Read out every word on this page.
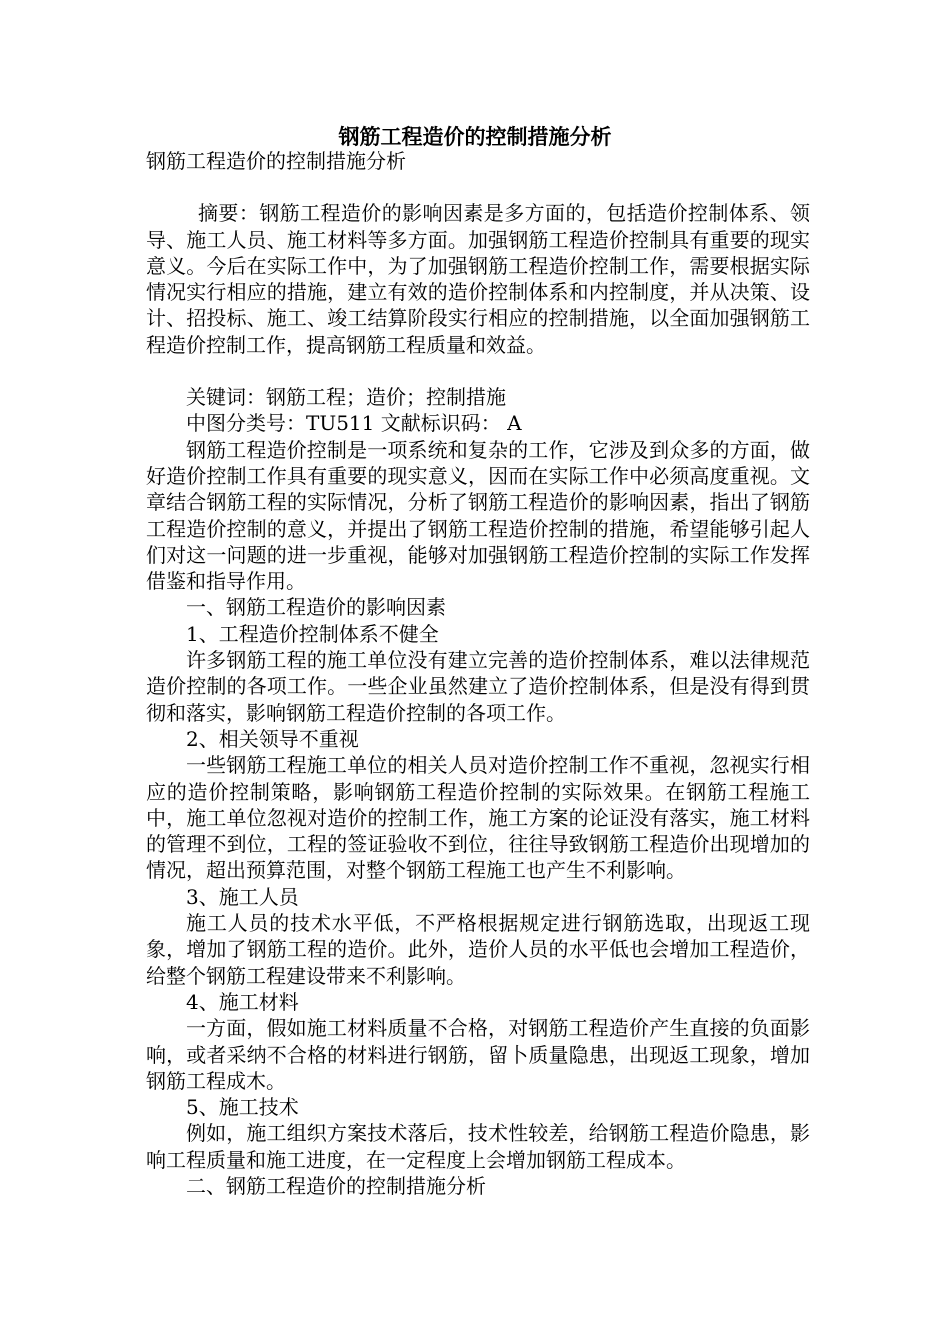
钢筋工程造价的控制措施分析

钢筋工程造价的控制措施分析

摘要：钢筋工程造价的影响因素是多方面的，包括造价控制体系、领导、施工人员、施工材料等多方面。加强钢筋工程造价控制具有重要的现实意义。今后在实际工作中，为了加强钢筋工程造价控制工作，需要根据实际情况实行相应的措施，建立有效的造价控制体系和内控制度，并从决策、设计、招投标、施工、竣工结算阶段实行相应的控制措施，以全面加强钢筋工程造价控制工作，提高钢筋工程质量和效益。

关键词：钢筋工程；造价；控制措施

中图分类号：TU511 文献标识码： A

钢筋工程造价控制是一项系统和复杂的工作，它涉及到众多的方面，做好造价控制工作具有重要的现实意义，因而在实际工作中必须高度重视。文章结合钢筋工程的实际情况，分析了钢筋工程造价的影响因素，指出了钢筋工程造价控制的意义，并提出了钢筋工程造价控制的措施，希望能够引起人们对这一问题的进一步重视，能够对加强钢筋工程造价控制的实际工作发挥借鉴和指导作用。

一、钢筋工程造价的影响因素

1、工程造价控制体系不健全

许多钢筋工程的施工单位没有建立完善的造价控制体系，难以法律规范造价控制的各项工作。一些企业虽然建立了造价控制体系，但是没有得到贯彻和落实，影响钢筋工程造价控制的各项工作。

2、相关领导不重视

一些钢筋工程施工单位的相关人员对造价控制工作不重视，忽视实行相应的造价控制策略，影响钢筋工程造价控制的实际效果。在钢筋工程施工中，施工单位忽视对造价的控制工作，施工方案的论证没有落实，施工材料的管理不到位，工程的签证验收不到位，往往导致钢筋工程造价出现增加的情况，超出预算范围，对整个钢筋工程施工也产生不利影响。

3、施工人员

施工人员的技术水平低，不严格根据规定进行钢筋选取，出现返工现象，增加了钢筋工程的造价。此外，造价人员的水平低也会增加工程造价，给整个钢筋工程建设带来不利影响。

4、施工材料

一方面，假如施工材料质量不合格，对钢筋工程造价产生直接的负面影响，或者采纳不合格的材料进行钢筋，留卜质量隐患，出现返工现象，增加钢筋工程成木。

5、施工技术

例如，施工组织方案技术落后，技术性较差，给钢筋工程造价隐患，影响工程质量和施工进度，在一定程度上会增加钢筋工程成本。

二、钢筋工程造价的控制措施分析
